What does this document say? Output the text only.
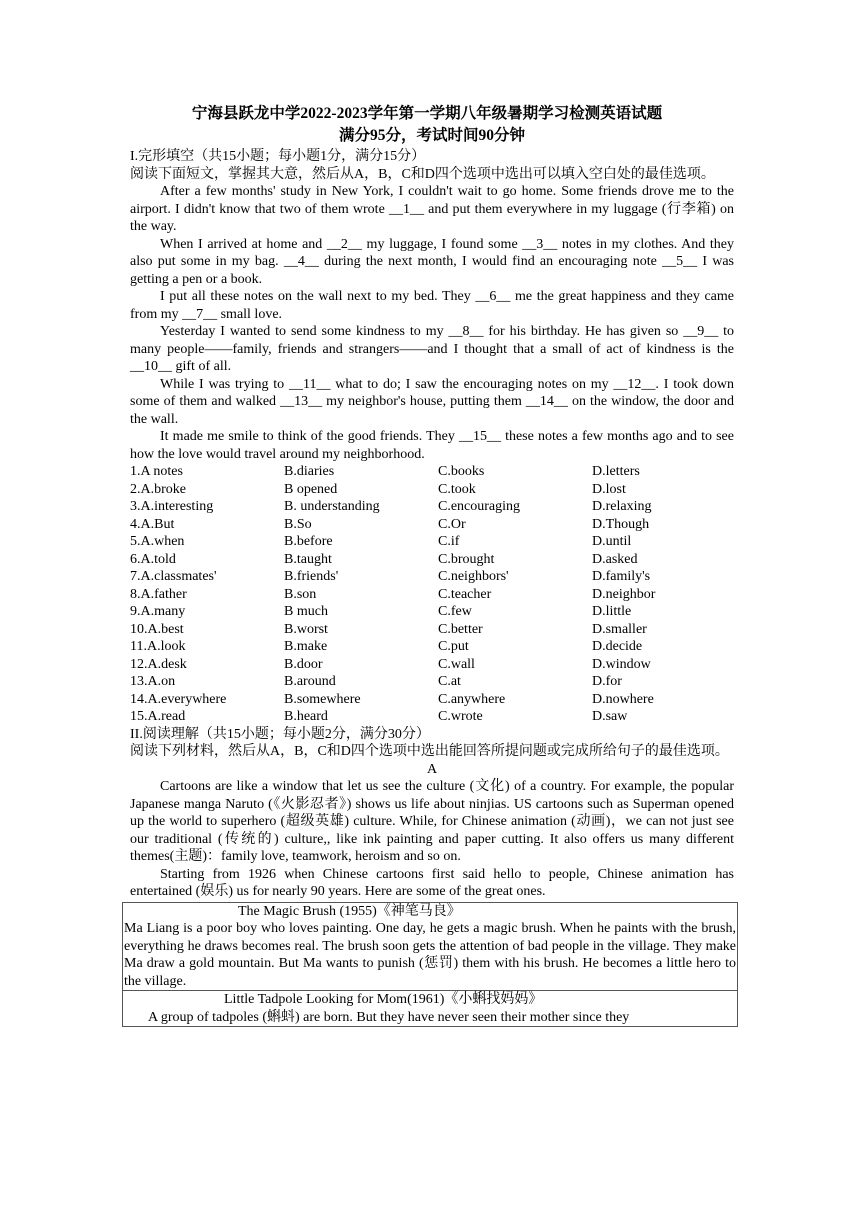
宁海县跃龙中学2022-2023学年第一学期八年级暑期学习检测英语试题
满分95分，考试时间90分钟

I.完形填空（共15小题；每小题1分，满分15分）

阅读下面短文，掌握其大意，然后从A，B，C和D四个选项中选出可以填入空白处的最佳选项。

After a few months' study in New York, I couldn't wait to go home. Some friends drove me to the airport. I didn't know that two of them wrote __1__ and put them everywhere in my luggage (行李箱) on the way.

When I arrived at home and __2__ my luggage, I found some __3__ notes in my clothes. And they also put some in my bag. __4__ during the next month, I would find an encouraging note __5__ I was getting a pen or a book.

I put all these notes on the wall next to my bed. They __6__ me the great happiness and they came from my __7__ small love.

Yesterday I wanted to send some kindness to my __8__ for his birthday. He has given so __9__ to many people——family, friends and strangers——and I thought that a small of act of kindness is the __10__ gift of all.

While I was trying to __11__ what to do; I saw the encouraging notes on my __12__. I took down some of them and walked __13__ my neighbor's house, putting them __14__ on the window, the door and the wall.

It made me smile to think of the good friends. They __15__ these notes a few months ago and to see how the love would travel around my neighborhood.

1.A notes	B.diaries	C.books	D.letters
2.A.broke	B opened	C.took	D.lost
3.A.interesting	B. understanding	C.encouraging	D.relaxing
4.A.But	B.So	C.Or	D.Though
5.A.when	B.before	C.if	D.until
6.A.told	B.taught	C.brought	D.asked
7.A.classmates'	B.friends'	C.neighbors'	D.family's
8.A.father	B.son	C.teacher	D.neighbor
9.A.many	B much	C.few	D.little
10.A.best	B.worst	C.better	D.smaller
11.A.look	B.make	C.put	D.decide
12.A.desk	B.door	C.wall	D.window
13.A.on	B.around	C.at	D.for
14.A.everywhere	B.somewhere	C.anywhere	D.nowhere
15.A.read	B.heard	C.wrote	D.saw

II.阅读理解（共15小题；每小题2分，满分30分）

阅读下列材料，然后从A，B，C和D四个选项中选出能回答所提问题或完成所给句子的最佳选项。

A

Cartoons are like a window that let us see the culture (文化) of a country. For example, the popular Japanese manga Naruto (《火影忍者》) shows us life about ninjias. US cartoons such as Superman opened up the world to superhero (超级英雄) culture. While, for Chinese animation (动画)，we can not just see our traditional (传统的) culture,, like ink painting and paper cutting. It also offers us many different themes(主题)：family love, teamwork, heroism and so on.

Starting from 1926 when Chinese cartoons first said hello to people, Chinese animation has entertained (娱乐) us for nearly 90 years. Here are some of the great ones.

The Magic Brush (1955)《神笔马良》
Ma Liang is a poor boy who loves painting. One day, he gets a magic brush. When he paints with the brush, everything he draws becomes real. The brush soon gets the attention of bad people in the village. They make Ma draw a gold mountain. But Ma wants to punish (惩罚) them with his brush. He becomes a little hero to the village.

Little Tadpole Looking for Mom(1961)《小蝌找妈妈》
A group of tadpoles (蝌蚪) are born. But they have never seen their mother since they
